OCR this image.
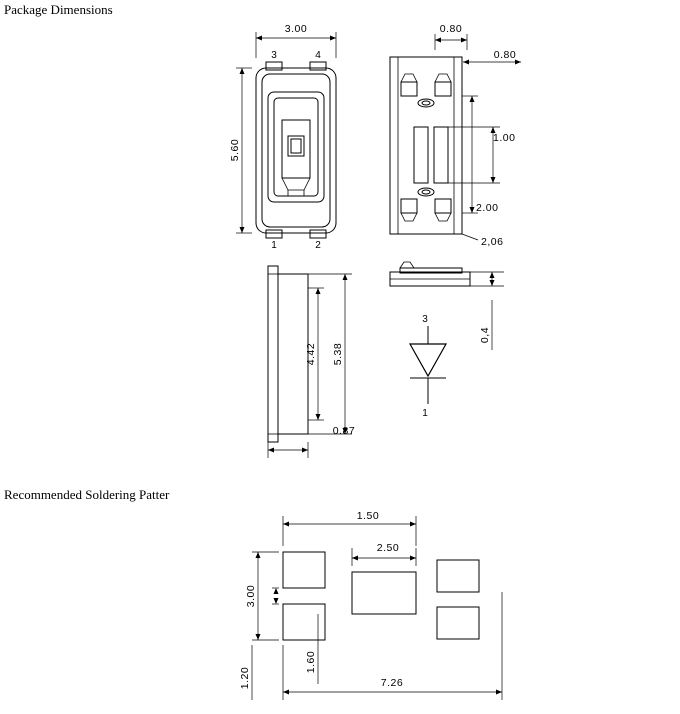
Package Dimensions
Recommended Soldering Patter
3.00
5.60
3	4
1	2
0.80
0.80
1.00
2.00
2,06
4.42 5.38
0.87
0,4
3
1
1.50
2.50
3.00
1.60
1.20	7.26
